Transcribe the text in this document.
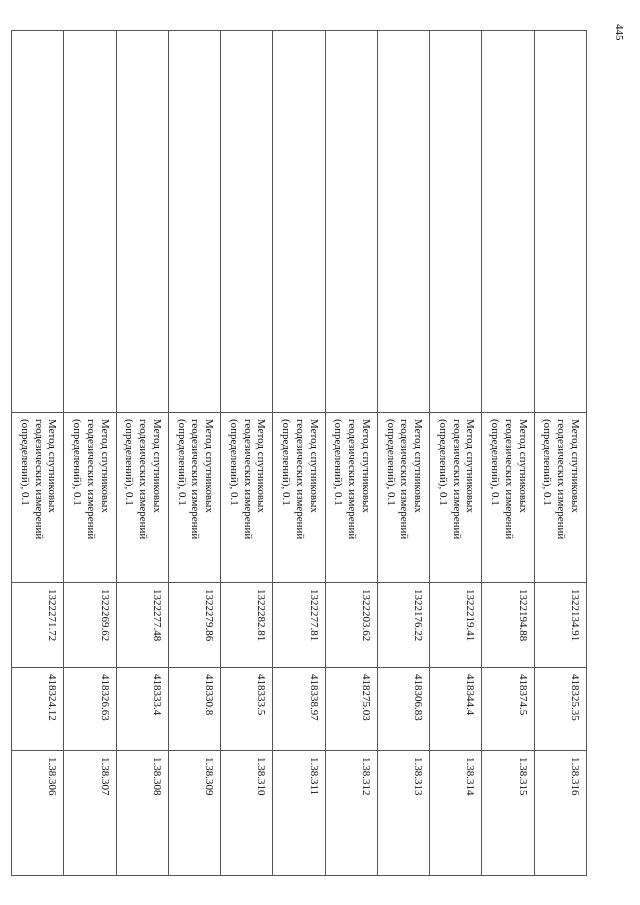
445
	Метод спутниковых геодезических измерений (определений), 0.1	1322134.91	418325.35	1.38.316
	Метод спутниковых геодезических измерений (определений), 0.1	1322194.88	418374.5	1.38.315
	Метод спутниковых геодезических измерений (определений), 0.1	1322219.41	418344.4	1.38.314
	Метод спутниковых геодезических измерений (определений), 0.1	1322176.22	418306.83	1.38.313
	Метод спутниковых геодезических измерений (определений), 0.1	1322203.62	418275.03	1.38.312
	Метод спутниковых геодезических измерений (определений), 0.1	1322277.81	418338.97	1.38.311
	Метод спутниковых геодезических измерений (определений), 0.1	1322282.81	418333.5	1.38.310
	Метод спутниковых геодезических измерений (определений), 0.1	1322279.86	418330.8	1.38.309
	Метод спутниковых геодезических измерений (определений), 0.1	1322277.48	418333.4	1.38.308
	Метод спутниковых геодезических измерений (определений), 0.1	1322269.62	418326.63	1.38.307
	Метод спутниковых геодезических измерений (определений), 0.1	1322271.72	418324.12	1.38.306
